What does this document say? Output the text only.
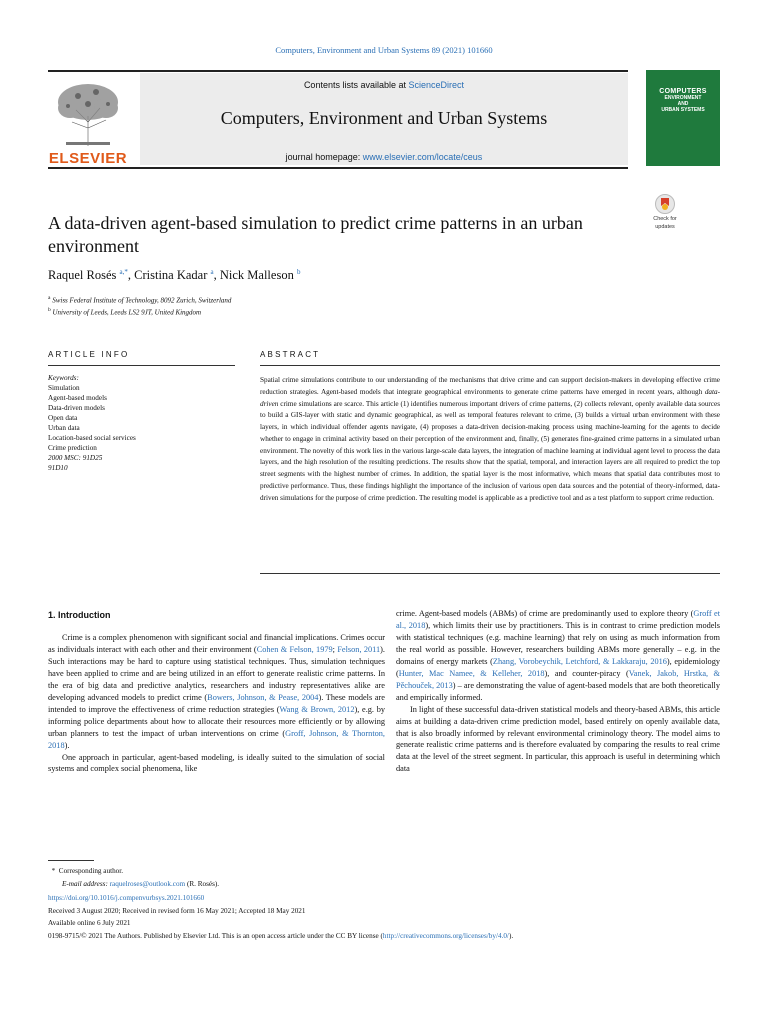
Computers, Environment and Urban Systems 89 (2021) 101660
ELSEVIER
Contents lists available at ScienceDirect
Computers, Environment and Urban Systems
journal homepage: www.elsevier.com/locate/ceus
COMPUTERS
ENVIRONMENT
AND
URBAN SYSTEMS
Check for
updates
A data-driven agent-based simulation to predict crime patterns in an urban environment
Raquel Rosés $^{a,*}$, Cristina Kadar $^a$, Nick Malleson $^b$
$^a$ Swiss Federal Institute of Technology, 8092 Zurich, Switzerland
$^b$ University of Leeds, Leeds LS2 9JT, United Kingdom
ARTICLE INFO	ABSTRACT
Keywords:
Simulation
Agent-based models
Data-driven models
Open data
Urban data
Location-based social services
Crime prediction
2000 MSC: 91D25
91D10
Spatial crime simulations contribute to our understanding of the mechanisms that drive crime and can support decision-makers in developing effective crime reduction strategies. Agent-based models that integrate geographical environments to generate crime patterns have emerged in recent years, although data-driven crime simulations are scarce. This article (1) identifies numerous important drivers of crime patterns, (2) collects relevant, openly available data sources to build a GIS-layer with static and dynamic geographical, as well as temporal features relevant to crime, (3) builds a virtual urban environment with these layers, in which individual offender agents navigate, (4) proposes a data-driven decision-making process using machine-learning for the agents to decide whether to engage in criminal activity based on their perception of the environment and, finally, (5) generates fine-grained crime patterns in a simulated urban environment. The novelty of this work lies in the various large-scale data layers, the integration of machine learning at individual agent level to process the data layers, and the high resolution of the resulting predictions. The results show that the spatial, temporal, and interaction layers are all required to predict the top street segments with the highest number of crimes. In addition, the spatial layer is the most informative, which means that spatial data contributes most to predictive performance. Thus, these findings highlight the importance of the inclusion of various open data sources and the potential of theory-informed, data-driven simulations for the purpose of crime prediction. The resulting model is applicable as a predictive tool and as a test platform to support crime reduction.
1. Introduction

Crime is a complex phenomenon with significant social and financial implications. Crimes occur as individuals interact with each other and their environment (Cohen & Felson, 1979; Felson, 2011). Such interactions may be hard to capture using statistical techniques. Thus, simulation techniques have been applied to crime and are being utilized in an effort to generate realistic crime patterns. In the era of big data and predictive analytics, researchers and industry representatives alike are developing advanced models to predict crime (Bowers, Johnson, & Pease, 2004). These models are intended to improve the effectiveness of crime reduction strategies (Wang & Brown, 2012), e.g. by informing police departments about how to allocate their resources more efficiently or by allowing urban planners to test the impact of urban interventions on crime (Groff, Johnson, & Thornton, 2018).

One approach in particular, agent-based modeling, is ideally suited to the simulation of social systems and complex social phenomena, like

crime. Agent-based models (ABMs) of crime are predominantly used to explore theory (Groff et al., 2018), which limits their use by practitioners. This is in contrast to crime prediction models with statistical techniques (e.g. machine learning) that rely on using as much information from the real world as possible. However, researchers building ABMs more generally – e.g. in the domains of energy markets (Zhang, Vorobeychik, Letchford, & Lakkaraju, 2016), epidemiology (Hunter, Mac Namee, & Kelleher, 2018), and counter-piracy (Vanek, Jakob, Hrstka, & Pěchouček, 2013) – are demonstrating the value of agent-based models that are both theoretically and empirically informed.

In light of these successful data-driven statistical models and theory-based ABMs, this article aims at building a data-driven crime prediction model, based entirely on openly available data, that is also broadly informed by relevant environmental criminology theory. The model aims to generate realistic crime patterns and is therefore evaluated by comparing the results to real crime data at the level of the street segment. In particular, this approach is useful in determining which data

* Corresponding author.
E-mail address: raquelroses@outlook.com (R. Rosés).
https://doi.org/10.1016/j.compenvurbsys.2021.101660
Received 3 August 2020; Received in revised form 16 May 2021; Accepted 18 May 2021
Available online 6 July 2021
0198-9715/© 2021 The Authors. Published by Elsevier Ltd. This is an open access article under the CC BY license (http://creativecommons.org/licenses/by/4.0/).
